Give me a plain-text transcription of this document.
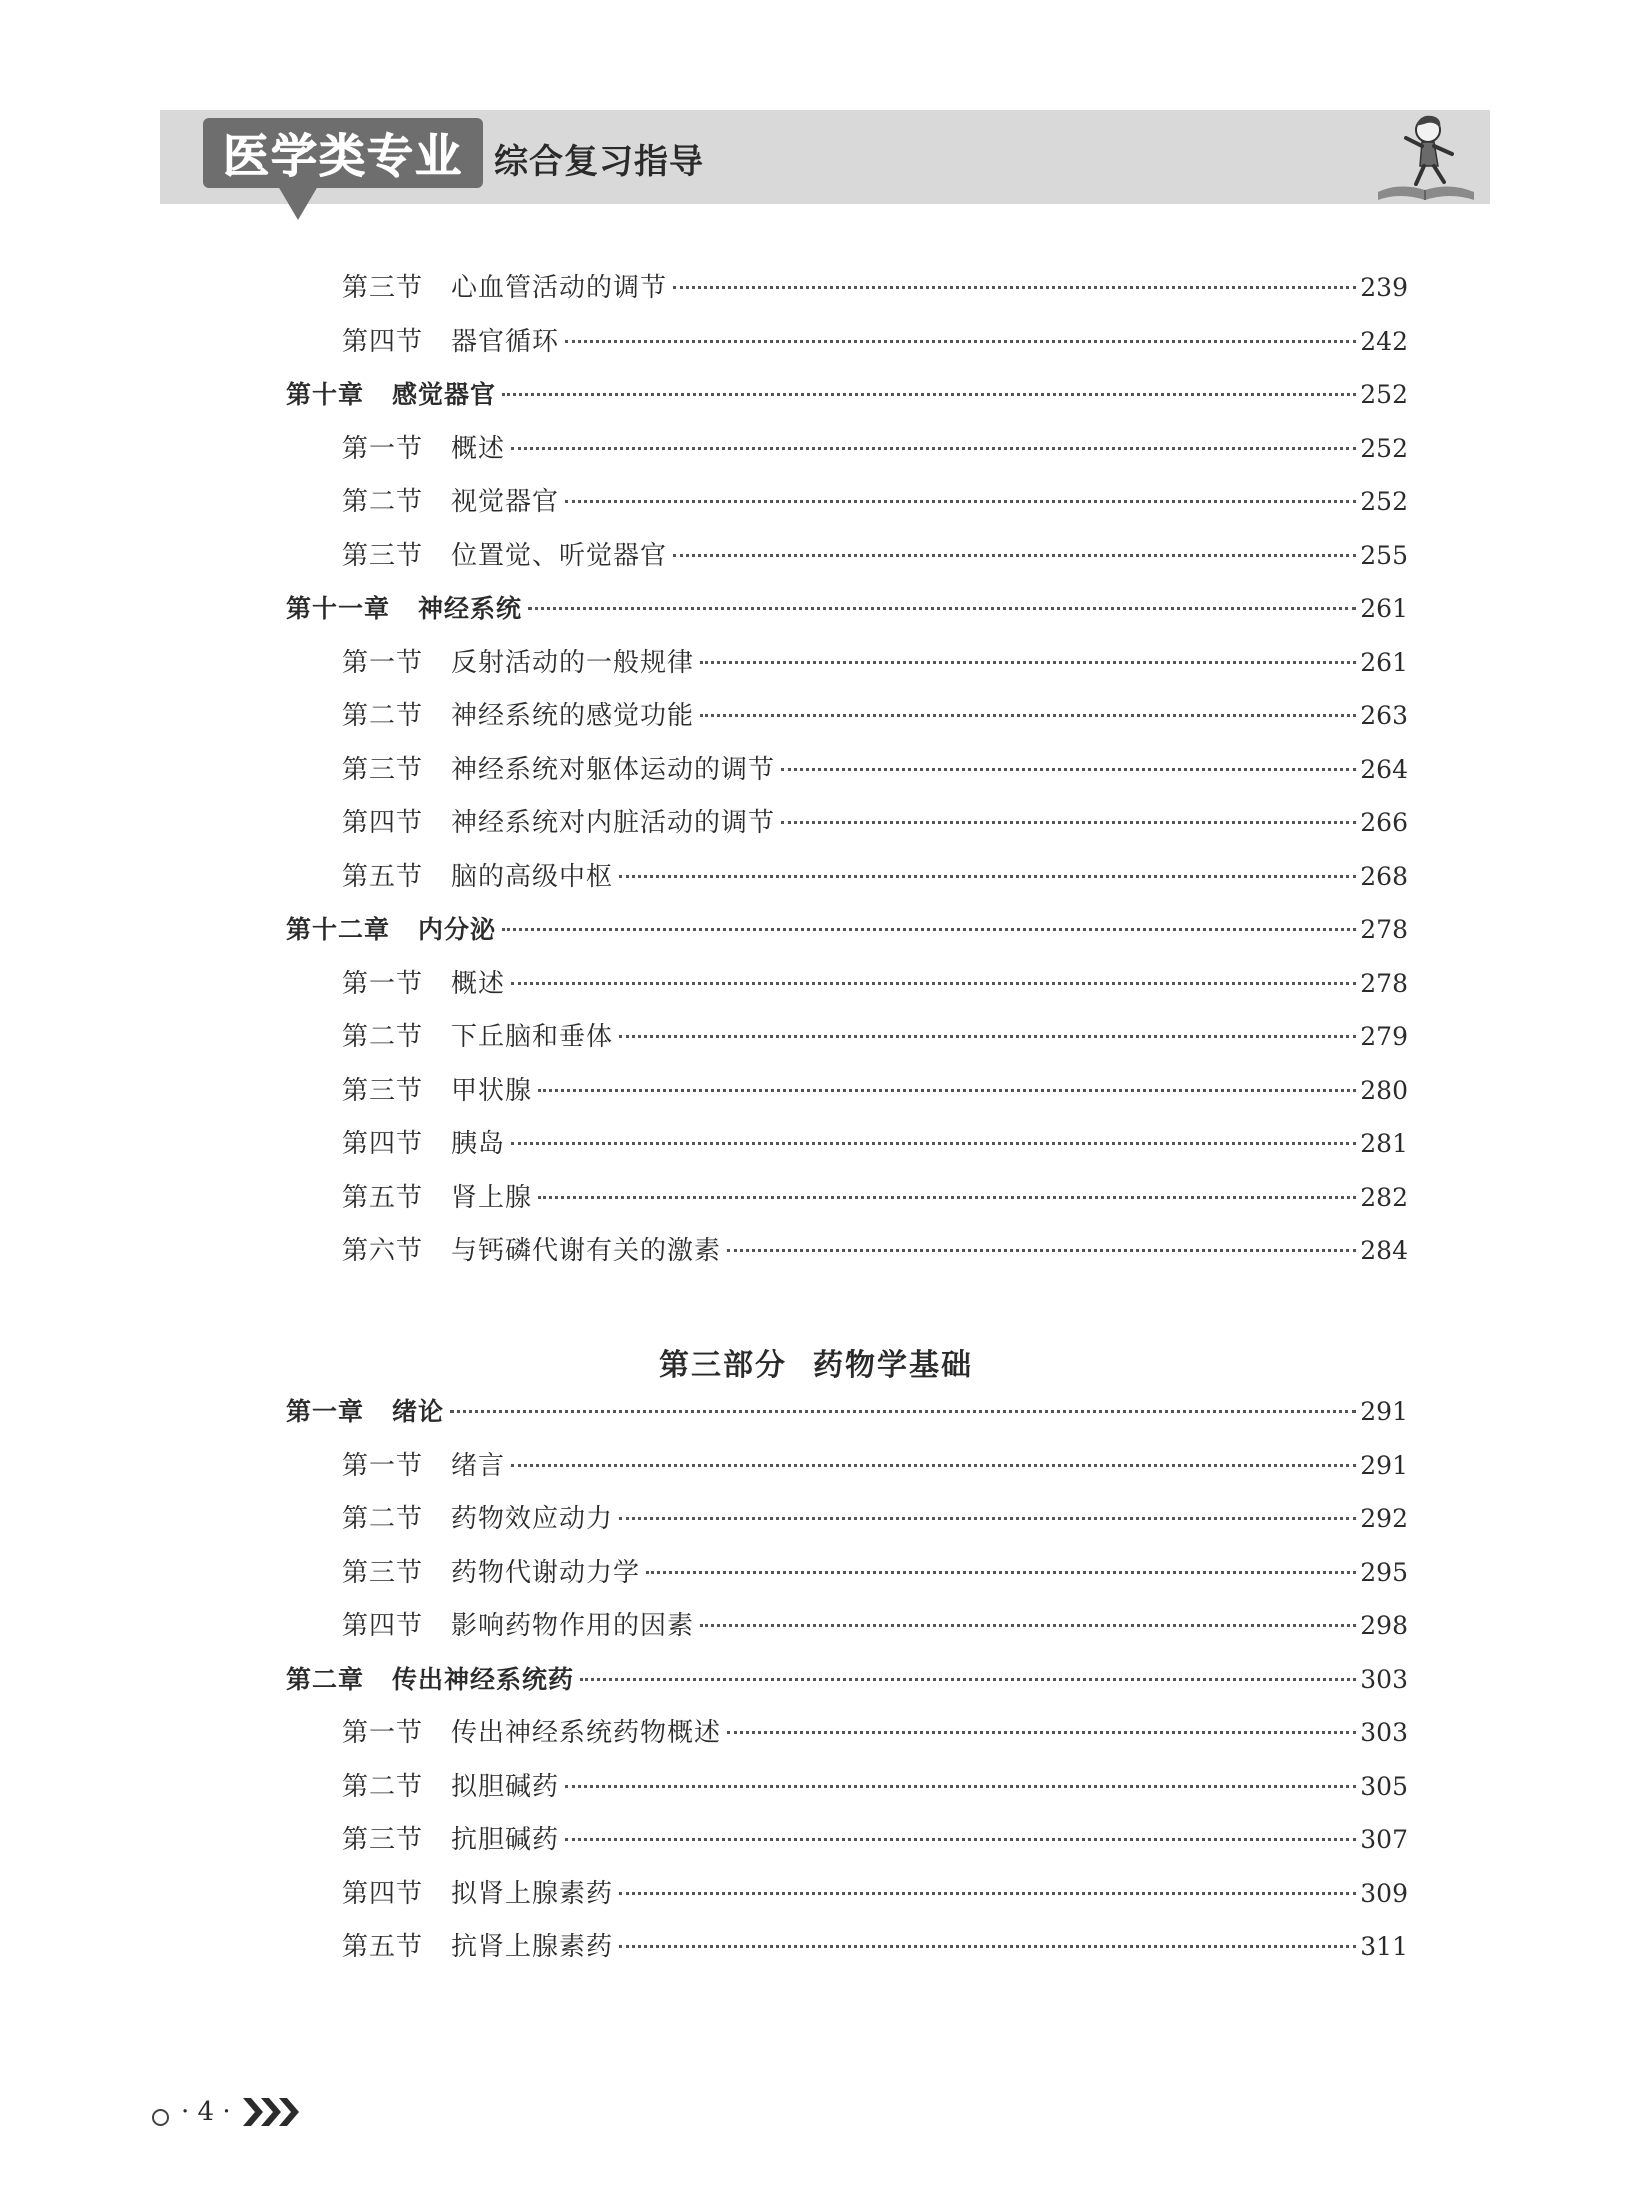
医学类专业 综合复习指导
第三节 心血管活动的调节	239
第四节 器官循环	242
第十章 感觉器官	252
第一节 概述	252
第二节 视觉器官	252
第三节 位置觉、听觉器官	255
第十一章 神经系统	261
第一节 反射活动的一般规律	261
第二节 神经系统的感觉功能	263
第三节 神经系统对躯体运动的调节	264
第四节 神经系统对内脏活动的调节	266
第五节 脑的高级中枢	268
第十二章 内分泌	278
第一节 概述	278
第二节 下丘脑和垂体	279
第三节 甲状腺	280
第四节 胰岛	281
第五节 肾上腺	282
第六节 与钙磷代谢有关的激素	284
第一章 绪论	291
第一节 绪言	291
第二节 药物效应动力	292
第三节 药物代谢动力学	295
第四节 影响药物作用的因素	298
第二章 传出神经系统药	303
第一节 传出神经系统药物概述	303
第二节 拟胆碱药	305
第三节 抗胆碱药	307
第四节 拟肾上腺素药	309
第五节 抗肾上腺素药	311
第三部分 药物学基础
· 4 ·
